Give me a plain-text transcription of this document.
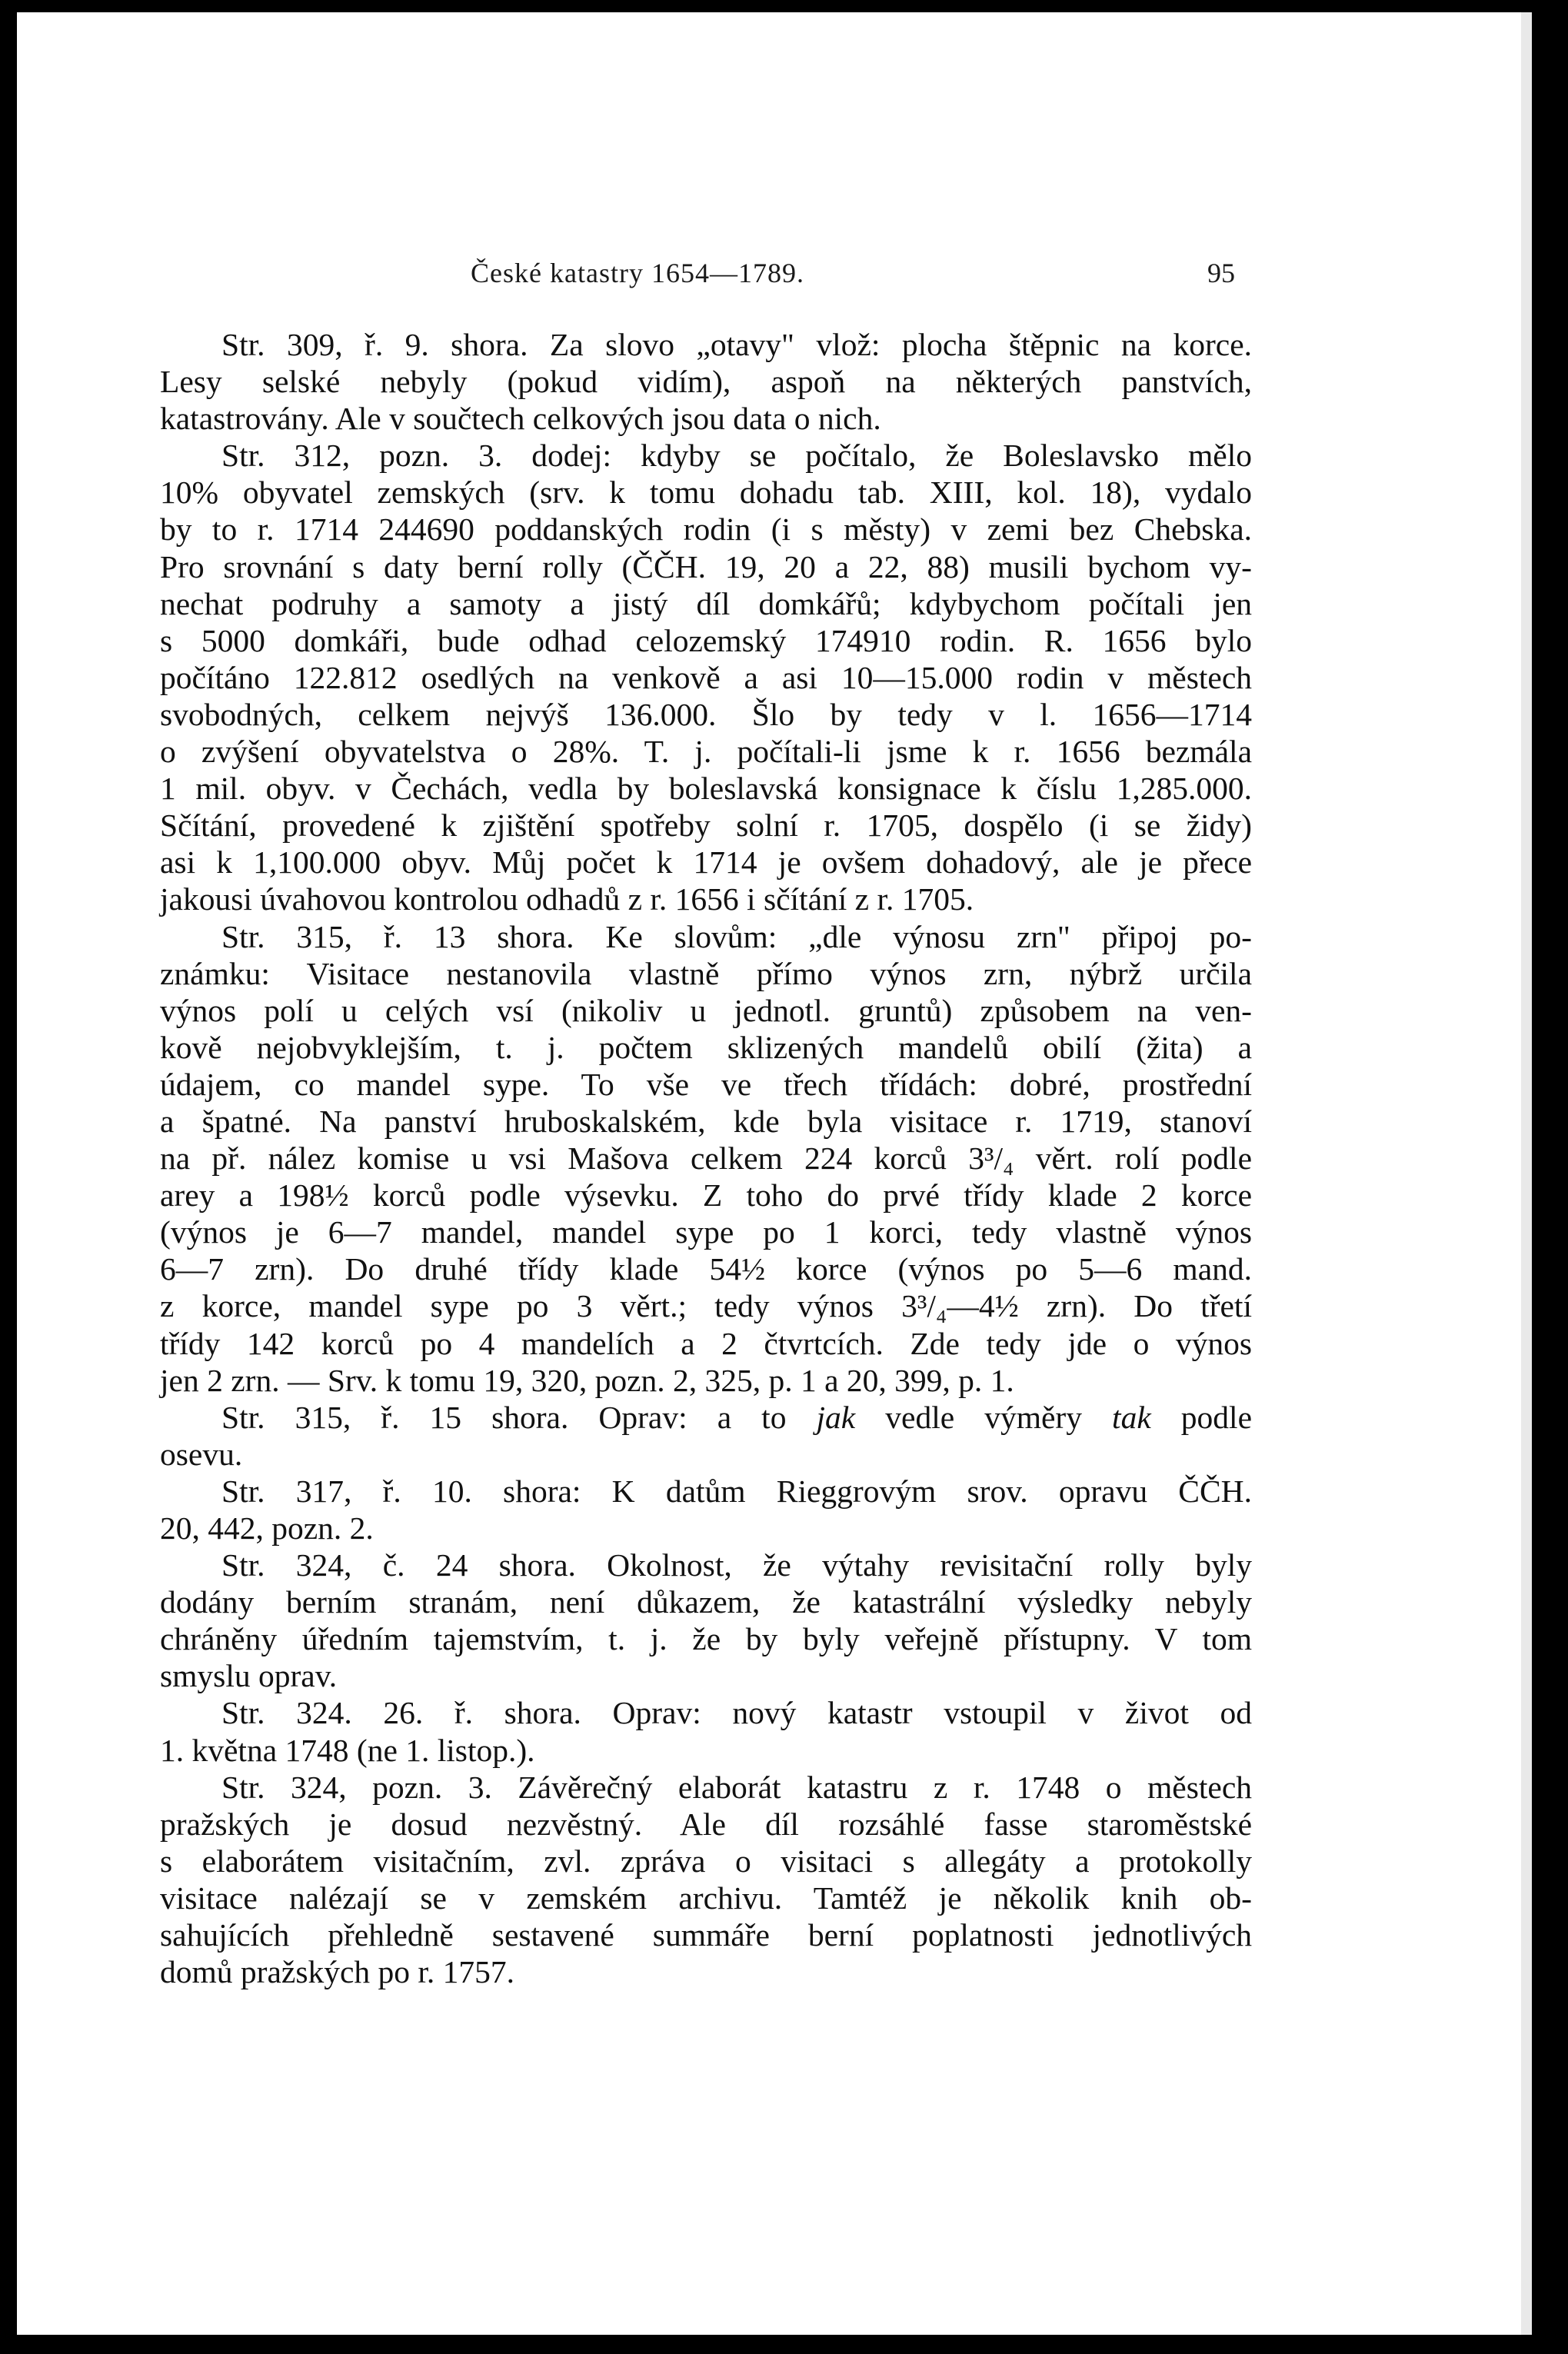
České katastry 1654—1789.	95
Str. 309, ř. 9. shora. Za slovo „otavy" vlož: plocha štěpnic na korce.
Lesy selské nebyly (pokud vidím), aspoň na některých panstvích,
katastrovány. Ale v součtech celkových jsou data o nich.
Str. 312, pozn. 3. dodej: kdyby se počítalo, že Boleslavsko mělo
10% obyvatel zemských (srv. k tomu dohadu tab. XIII, kol. 18), vydalo
by to r. 1714 244690 poddanských rodin (i s městy) v zemi bez Chebska.
Pro srovnání s daty berní rolly (ČČH. 19, 20 a 22, 88) musili bychom vy-
nechat podruhy a samoty a jistý díl domkářů; kdybychom počítali jen
s 5000 domkáři, bude odhad celozemský 174910 rodin. R. 1656 bylo
počítáno 122.812 osedlých na venkově a asi 10—15.000 rodin v městech
svobodných, celkem nejvýš 136.000. Šlo by tedy v l. 1656—1714
o zvýšení obyvatelstva o 28%. T. j. počítali-li jsme k r. 1656 bezmála
1 mil. obyv. v Čechách, vedla by boleslavská konsignace k číslu 1,285.000.
Sčítání, provedené k zjištění spotřeby solní r. 1705, dospělo (i se židy)
asi k 1,100.000 obyv. Můj počet k 1714 je ovšem dohadový, ale je přece
jakousi úvahovou kontrolou odhadů z r. 1656 i sčítání z r. 1705.
Str. 315, ř. 13 shora. Ke slovům: „dle výnosu zrn" připoj po-
známku: Visitace nestanovila vlastně přímo výnos zrn, nýbrž určila
výnos polí u celých vsí (nikoliv u jednotl. gruntů) způsobem na ven-
kově nejobvyklejším, t. j. počtem sklizených mandelů obilí (žita) a
údajem, co mandel sype. To vše ve třech třídách: dobré, prostřední
a špatné. Na panství hruboskalském, kde byla visitace r. 1719, stanoví
na př. nález komise u vsi Mašova celkem 224 korců 3³/₄ věrt. rolí podle
arey a 198½ korců podle výsevku. Z toho do prvé třídy klade 2 korce
(výnos je 6—7 mandel, mandel sype po 1 korci, tedy vlastně výnos
6—7 zrn). Do druhé třídy klade 54½ korce (výnos po 5—6 mand.
z korce, mandel sype po 3 věrt.; tedy výnos 3³/₄—4½ zrn). Do třetí
třídy 142 korců po 4 mandelích a 2 čtvrtcích. Zde tedy jde o výnos
jen 2 zrn. — Srv. k tomu 19, 320, pozn. 2, 325, p. 1 a 20, 399, p. 1.
Str. 315, ř. 15 shora. Oprav: a to jak vedle výměry tak podle
osevu.
Str. 317, ř. 10. shora: K datům Rieggrovým srov. opravu ČČH.
20, 442, pozn. 2.
Str. 324, č. 24 shora. Okolnost, že výtahy revisitační rolly byly
dodány berním stranám, není důkazem, že katastrální výsledky nebyly
chráněny úředním tajemstvím, t. j. že by byly veřejně přístupny. V tom
smyslu oprav.
Str. 324. 26. ř. shora. Oprav: nový katastr vstoupil v život od
1. května 1748 (ne 1. listop.).
Str. 324, pozn. 3. Závěrečný elaborát katastru z r. 1748 o městech
pražských je dosud nezvěstný. Ale díl rozsáhlé fasse staroměstské
s elaborátem visitačním, zvl. zpráva o visitaci s allegáty a protokolly
visitace nalézají se v zemském archivu. Tamtéž je několik knih ob-
sahujících přehledně sestavené summáře berní poplatnosti jednotlivých
domů pražských po r. 1757.
